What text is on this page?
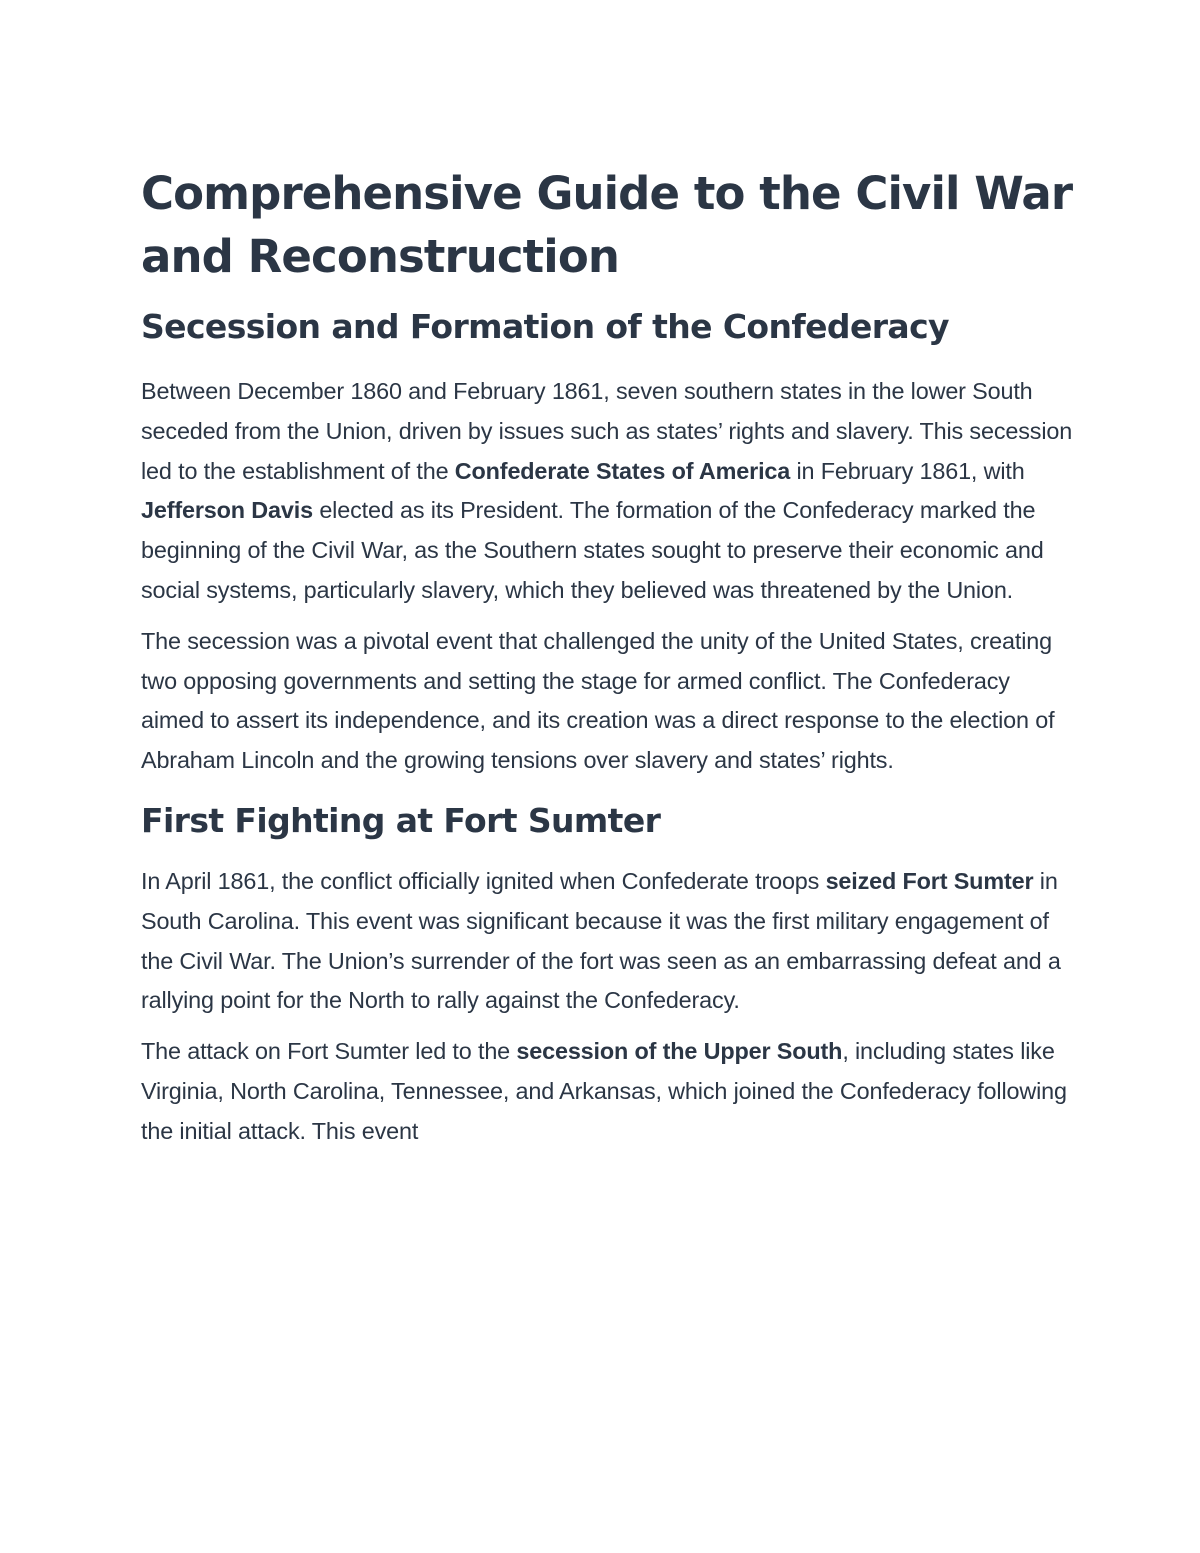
Comprehensive Guide to the Civil War and Reconstruction
Secession and Formation of the Confederacy

Between December 1860 and February 1861, seven southern states in the lower South seceded from the Union, driven by issues such as states’ rights and slavery. This secession led to the establishment of the Confederate States of America in February 1861, with Jefferson Davis elected as its President. The formation of the Confederacy marked the beginning of the Civil War, as the Southern states sought to preserve their economic and social systems, particularly slavery, which they believed was threatened by the Union.

The secession was a pivotal event that challenged the unity of the United States, creating two opposing governments and setting the stage for armed conflict. The Confederacy aimed to assert its independence, and its creation was a direct response to the election of Abraham Lincoln and the growing tensions over slavery and states’ rights.

First Fighting at Fort Sumter

In April 1861, the conflict officially ignited when Confederate troops seized Fort Sumter in South Carolina. This event was significant because it was the first military engagement of the Civil War. The Union’s surrender of the fort was seen as an embarrassing defeat and a rallying point for the North to rally against the Confederacy.

The attack on Fort Sumter led to the secession of the Upper South, including states like Virginia, North Carolina, Tennessee, and Arkansas, which joined the Confederacy following the initial attack. This event
